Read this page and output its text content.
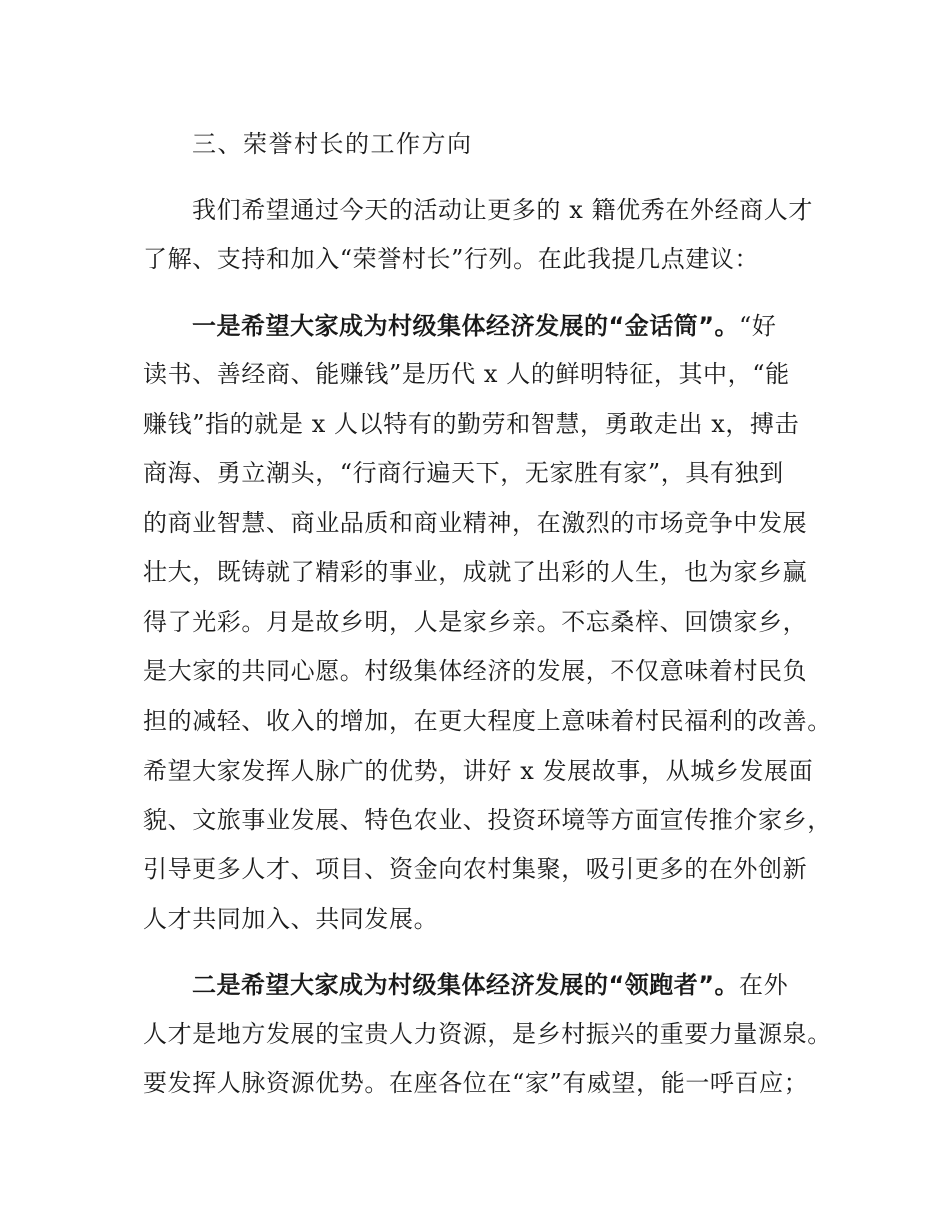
三、荣誉村长的工作方向
我们希望通过今天的活动让更多的 x 籍优秀在外经商人才
了解、支持和加入“荣誉村长”行列。在此我提几点建议：
一是希望大家成为村级集体经济发展的“金话筒”。“好
读书、善经商、能赚钱”是历代 x 人的鲜明特征，其中，“能
赚钱”指的就是 x 人以特有的勤劳和智慧，勇敢走出 x，搏击
商海、勇立潮头，“行商行遍天下，无家胜有家”，具有独到
的商业智慧、商业品质和商业精神，在激烈的市场竞争中发展
壮大，既铸就了精彩的事业，成就了出彩的人生，也为家乡赢
得了光彩。月是故乡明，人是家乡亲。不忘桑梓、回馈家乡，
是大家的共同心愿。村级集体经济的发展，不仅意味着村民负
担的减轻、收入的增加，在更大程度上意味着村民福利的改善。
希望大家发挥人脉广的优势，讲好 x 发展故事，从城乡发展面
貌、文旅事业发展、特色农业、投资环境等方面宣传推介家乡，
引导更多人才、项目、资金向农村集聚，吸引更多的在外创新
人才共同加入、共同发展。
二是希望大家成为村级集体经济发展的“领跑者”。在外
人才是地方发展的宝贵人力资源，是乡村振兴的重要力量源泉。
要发挥人脉资源优势。在座各位在“家”有威望，能一呼百应；
